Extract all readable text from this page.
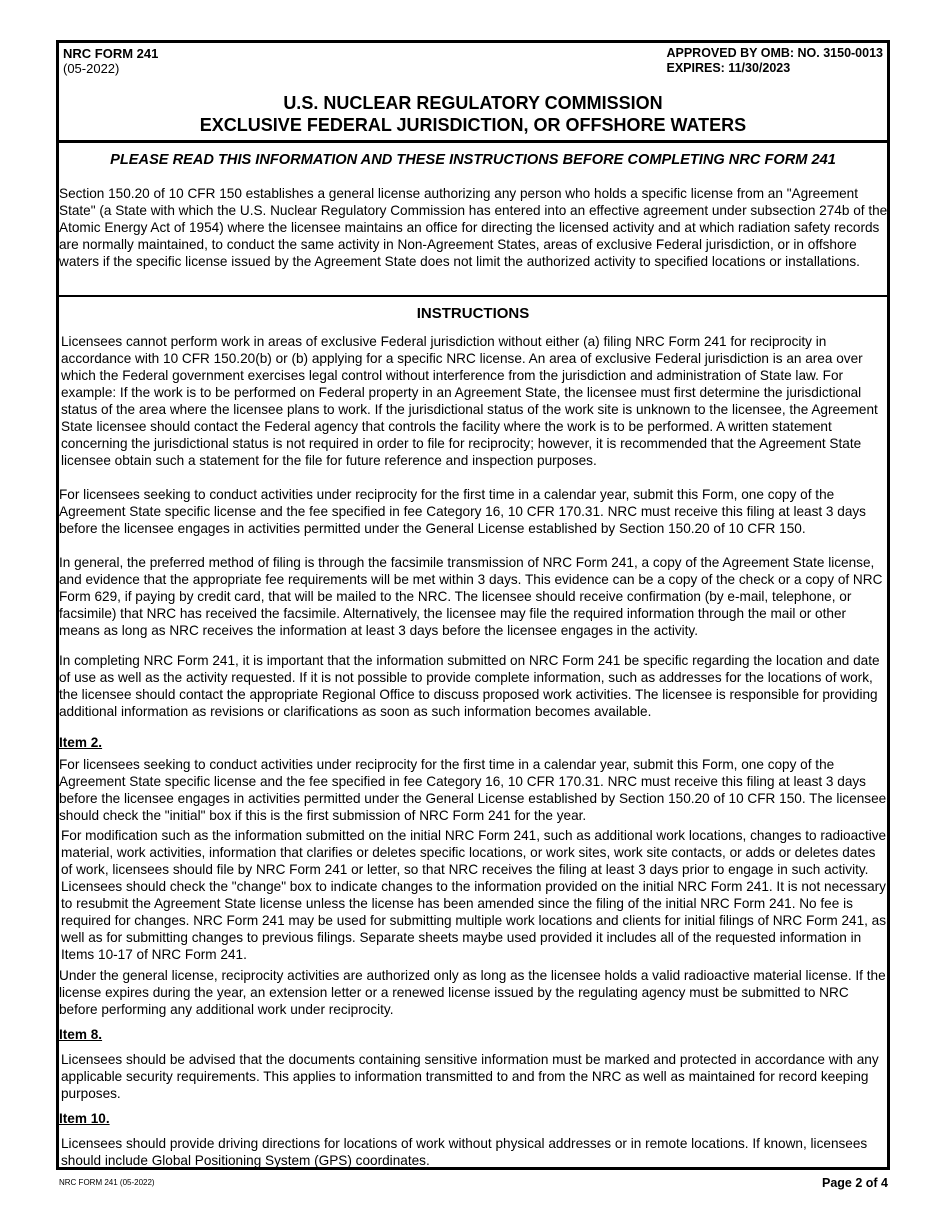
NRC FORM 241
(05-2022)
APPROVED BY OMB: NO. 3150-0013
EXPIRES: 11/30/2023
U.S. NUCLEAR REGULATORY COMMISSION
EXCLUSIVE FEDERAL JURISDICTION, OR OFFSHORE WATERS
PLEASE READ THIS INFORMATION AND THESE INSTRUCTIONS BEFORE COMPLETING NRC FORM 241

Section 150.20 of 10 CFR 150 establishes a general license authorizing any person who holds a specific license from an "Agreement State" (a State with which the U.S. Nuclear Regulatory Commission has entered into an effective agreement under subsection 274b of the Atomic Energy Act of 1954) where the licensee maintains an office for directing the licensed activity and at which radiation safety records are normally maintained, to conduct the same activity in Non-Agreement States, areas of exclusive Federal jurisdiction, or in offshore waters if the specific license issued by the Agreement State does not limit the authorized activity to specified locations or installations.

INSTRUCTIONS

Licensees cannot perform work in areas of exclusive Federal jurisdiction without either (a) filing NRC Form 241 for reciprocity in accordance with 10 CFR 150.20(b) or (b) applying for a specific NRC license. An area of exclusive Federal jurisdiction is an area over which the Federal government exercises legal control without interference from the jurisdiction and administration of State law. For example: If the work is to be performed on Federal property in an Agreement State, the licensee must first determine the jurisdictional status of the area where the licensee plans to work. If the jurisdictional status of the work site is unknown to the licensee, the Agreement State licensee should contact the Federal agency that controls the facility where the work is to be performed. A written statement concerning the jurisdictional status is not required in order to file for reciprocity; however, it is recommended that the Agreement State licensee obtain such a statement for the file for future reference and inspection purposes.

For licensees seeking to conduct activities under reciprocity for the first time in a calendar year, submit this Form, one copy of the Agreement State specific license and the fee specified in fee Category 16, 10 CFR 170.31. NRC must receive this filing at least 3 days before the licensee engages in activities permitted under the General License established by Section 150.20 of 10 CFR 150.

In general, the preferred method of filing is through the facsimile transmission of NRC Form 241, a copy of the Agreement State license, and evidence that the appropriate fee requirements will be met within 3 days. This evidence can be a copy of the check or a copy of NRC Form 629, if paying by credit card, that will be mailed to the NRC. The licensee should receive confirmation (by e-mail, telephone, or facsimile) that NRC has received the facsimile. Alternatively, the licensee may file the required information through the mail or other means as long as NRC receives the information at least 3 days before the licensee engages in the activity.

In completing NRC Form 241, it is important that the information submitted on NRC Form 241 be specific regarding the location and date of use as well as the activity requested. If it is not possible to provide complete information, such as addresses for the locations of work, the licensee should contact the appropriate Regional Office to discuss proposed work activities. The licensee is responsible for providing additional information as revisions or clarifications as soon as such information becomes available.

Item 2.

For licensees seeking to conduct activities under reciprocity for the first time in a calendar year, submit this Form, one copy of the Agreement State specific license and the fee specified in fee Category 16, 10 CFR 170.31. NRC must receive this filing at least 3 days before the licensee engages in activities permitted under the General License established by Section 150.20 of 10 CFR 150. The licensee should check the "initial" box if this is the first submission of NRC Form 241 for the year.

For modification such as the information submitted on the initial NRC Form 241, such as additional work locations, changes to radioactive material, work activities, information that clarifies or deletes specific locations, or work sites, work site contacts, or adds or deletes dates of work, licensees should file by NRC Form 241 or letter, so that NRC receives the filing at least 3 days prior to engage in such activity. Licensees should check the "change" box to indicate changes to the information provided on the initial NRC Form 241. It is not necessary to resubmit the Agreement State license unless the license has been amended since the filing of the initial NRC Form 241. No fee is required for changes. NRC Form 241 may be used for submitting multiple work locations and clients for initial filings of NRC Form 241, as well as for submitting changes to previous filings. Separate sheets maybe used provided it includes all of the requested information in Items 10-17 of NRC Form 241.

Under the general license, reciprocity activities are authorized only as long as the licensee holds a valid radioactive material license. If the license expires during the year, an extension letter or a renewed license issued by the regulating agency must be submitted to NRC before performing any additional work under reciprocity.

Item 8.

Licensees should be advised that the documents containing sensitive information must be marked and protected in accordance with any applicable security requirements. This applies to information transmitted to and from the NRC as well as maintained for record keeping purposes.

Item 10.

Licensees should provide driving directions for locations of work without physical addresses or in remote locations. If known, licensees should include Global Positioning System (GPS) coordinates.

NRC FORM 241 (05-2022)	Page 2 of 4
